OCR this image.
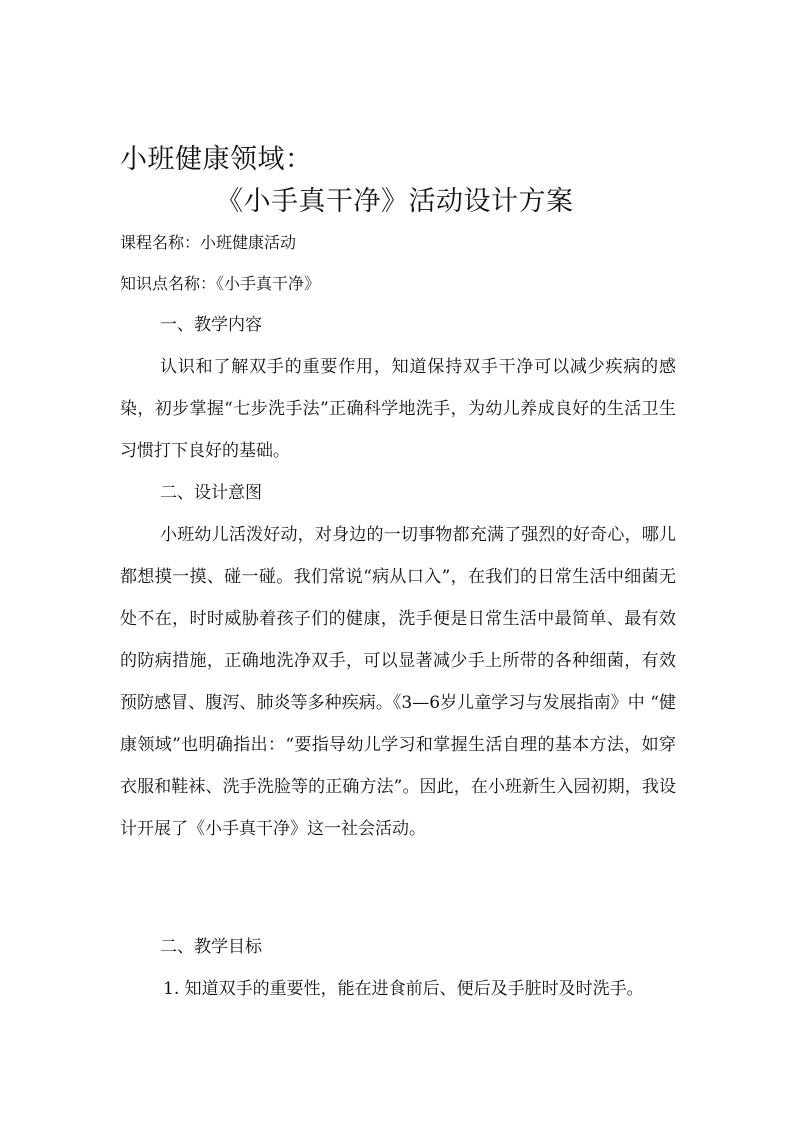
小班健康领域：
《小手真干净》活动设计方案
课程名称：小班健康活动
知识点名称：《小手真干净》
一、教学内容
认识和了解双手的重要作用，知道保持双手干净可以减少疾病的感染，初步掌握“七步洗手法”正确科学地洗手，为幼儿养成良好的生活卫生习惯打下良好的基础。
二、设计意图
小班幼儿活泼好动，对身边的一切事物都充满了强烈的好奇心，哪儿都想摸一摸、碰一碰。我们常说“病从口入”，在我们的日常生活中细菌无处不在，时时威胁着孩子们的健康，洗手便是日常生活中最简单、最有效的防病措施，正确地洗净双手，可以显著减少手上所带的各种细菌，有效预防感冒、腹泻、肺炎等多种疾病。《3—6岁儿童学习与发展指南》中 “健康领域”也明确指出：“要指导幼儿学习和掌握生活自理的基本方法，如穿衣服和鞋袜、洗手洗脸等的正确方法”。因此，在小班新生入园初期，我设计开展了《小手真干净》这一社会活动。
二、教学目标
1. 知道双手的重要性，能在进食前后、便后及手脏时及时洗手。
